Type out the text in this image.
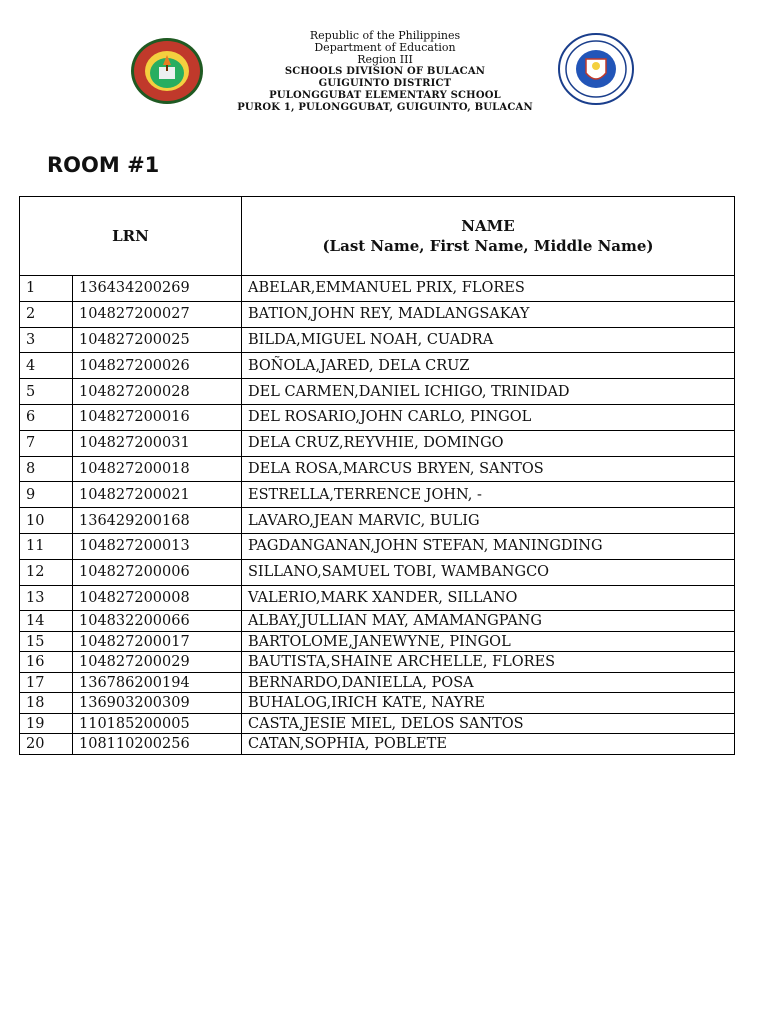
Republic of the Philippines
Department of Education
Region III
SCHOOLS DIVISION OF BULACAN
GUIGUINTO DISTRICT
PULONGGUBAT ELEMENTARY SCHOOL
PUROK 1, PULONGGUBAT, GUIGUINTO, BULACAN
ROOM #1
LRN		NAME
(Last Name, First Name, Middle Name)

1	136434200269	ABELAR,EMMANUEL PRIX, FLORES
2	104827200027	BATION,JOHN REY, MADLANGSAKAY
3	104827200025	BILDA,MIGUEL NOAH, CUADRA
4	104827200026	BOÑOLA,JARED, DELA CRUZ
5	104827200028	DEL CARMEN,DANIEL ICHIGO, TRINIDAD
6	104827200016	DEL ROSARIO,JOHN CARLO, PINGOL
7	104827200031	DELA CRUZ,REYVHIE, DOMINGO
8	104827200018	DELA ROSA,MARCUS BRYEN, SANTOS
9	104827200021	ESTRELLA,TERRENCE JOHN, -
10	136429200168	LAVARO,JEAN MARVIC, BULIG
11	104827200013	PAGDANGANAN,JOHN STEFAN, MANINGDING
12	104827200006	SILLANO,SAMUEL TOBI, WAMBANGCO
13	104827200008	VALERIO,MARK XANDER, SILLANO
14	104832200066	ALBAY,JULLIAN MAY, AMAMANGPANG
15	104827200017	BARTOLOME,JANEWYNE, PINGOL
16	104827200029	BAUTISTA,SHAINE ARCHELLE, FLORES
17	136786200194	BERNARDO,DANIELLA, POSA
18	136903200309	BUHALOG,IRICH KATE, NAYRE
19	110185200005	CASTA,JESIE MIEL, DELOS SANTOS
20	108110200256	CATAN,SOPHIA, POBLETE
